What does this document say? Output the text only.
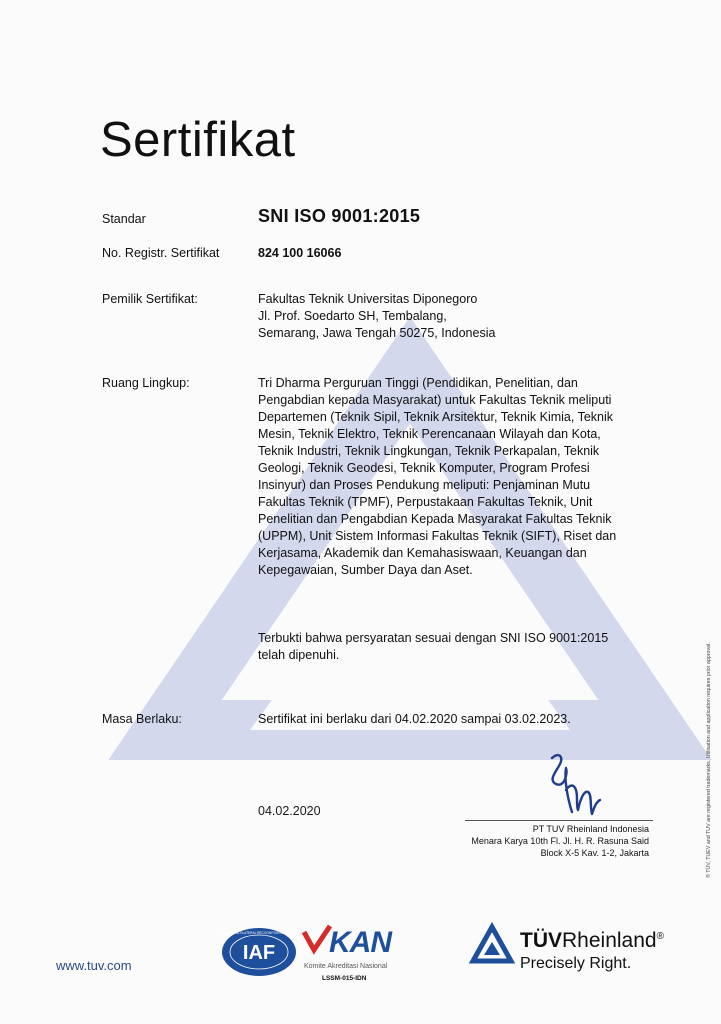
Sertifikat
Standar	SNI ISO 9001:2015
No. Registr. Sertifikat	824 100 16066
Pemilik Sertifikat:	Fakultas Teknik Universitas Diponegoro
Jl. Prof. Soedarto SH, Tembalang,
Semarang, Jawa Tengah 50275, Indonesia
Ruang Lingkup:	Tri Dharma Perguruan Tinggi (Pendidikan, Penelitian, dan
Pengabdian kepada Masyarakat) untuk Fakultas Teknik meliputi
Departemen (Teknik Sipil, Teknik Arsitektur, Teknik Kimia, Teknik
Mesin, Teknik Elektro, Teknik Perencanaan Wilayah dan Kota,
Teknik Industri, Teknik Lingkungan, Teknik Perkapalan, Teknik
Geologi, Teknik Geodesi, Teknik Komputer, Program Profesi
Insinyur) dan Proses Pendukung meliputi: Penjaminan Mutu
Fakultas Teknik (TPMF), Perpustakaan Fakultas Teknik, Unit
Penelitian dan Pengabdian Kepada Masyarakat Fakultas Teknik
(UPPM), Unit Sistem Informasi Fakultas Teknik (SIFT), Riset dan
Kerjasama, Akademik dan Kemahasiswaan, Keuangan dan
Kepegawaian, Sumber Daya dan Aset.
Terbukti bahwa persyaratan sesuai dengan SNI ISO 9001:2015
telah dipenuhi.
Masa Berlaku:	Sertifikat ini berlaku dari 04.02.2020 sampai 03.02.2023.
04.02.2020
PT TUV Rheinland Indonesia
Menara Karya 10th Fl. Jl. H. R. Rasuna Said
Block X-5 Kav. 1-2, Jakarta	® TÜV, TUEV and TUV are registered trademarks. Utilisation and application requires prior approval.
www.tuv.com
MEMBER OF MULTILATERAL RECOGNITION ARRANGEMENT
IAF KAN
Komite Akreditasi Nasional
LSSM-015-IDN
TÜVRheinland®
Precisely Right.
